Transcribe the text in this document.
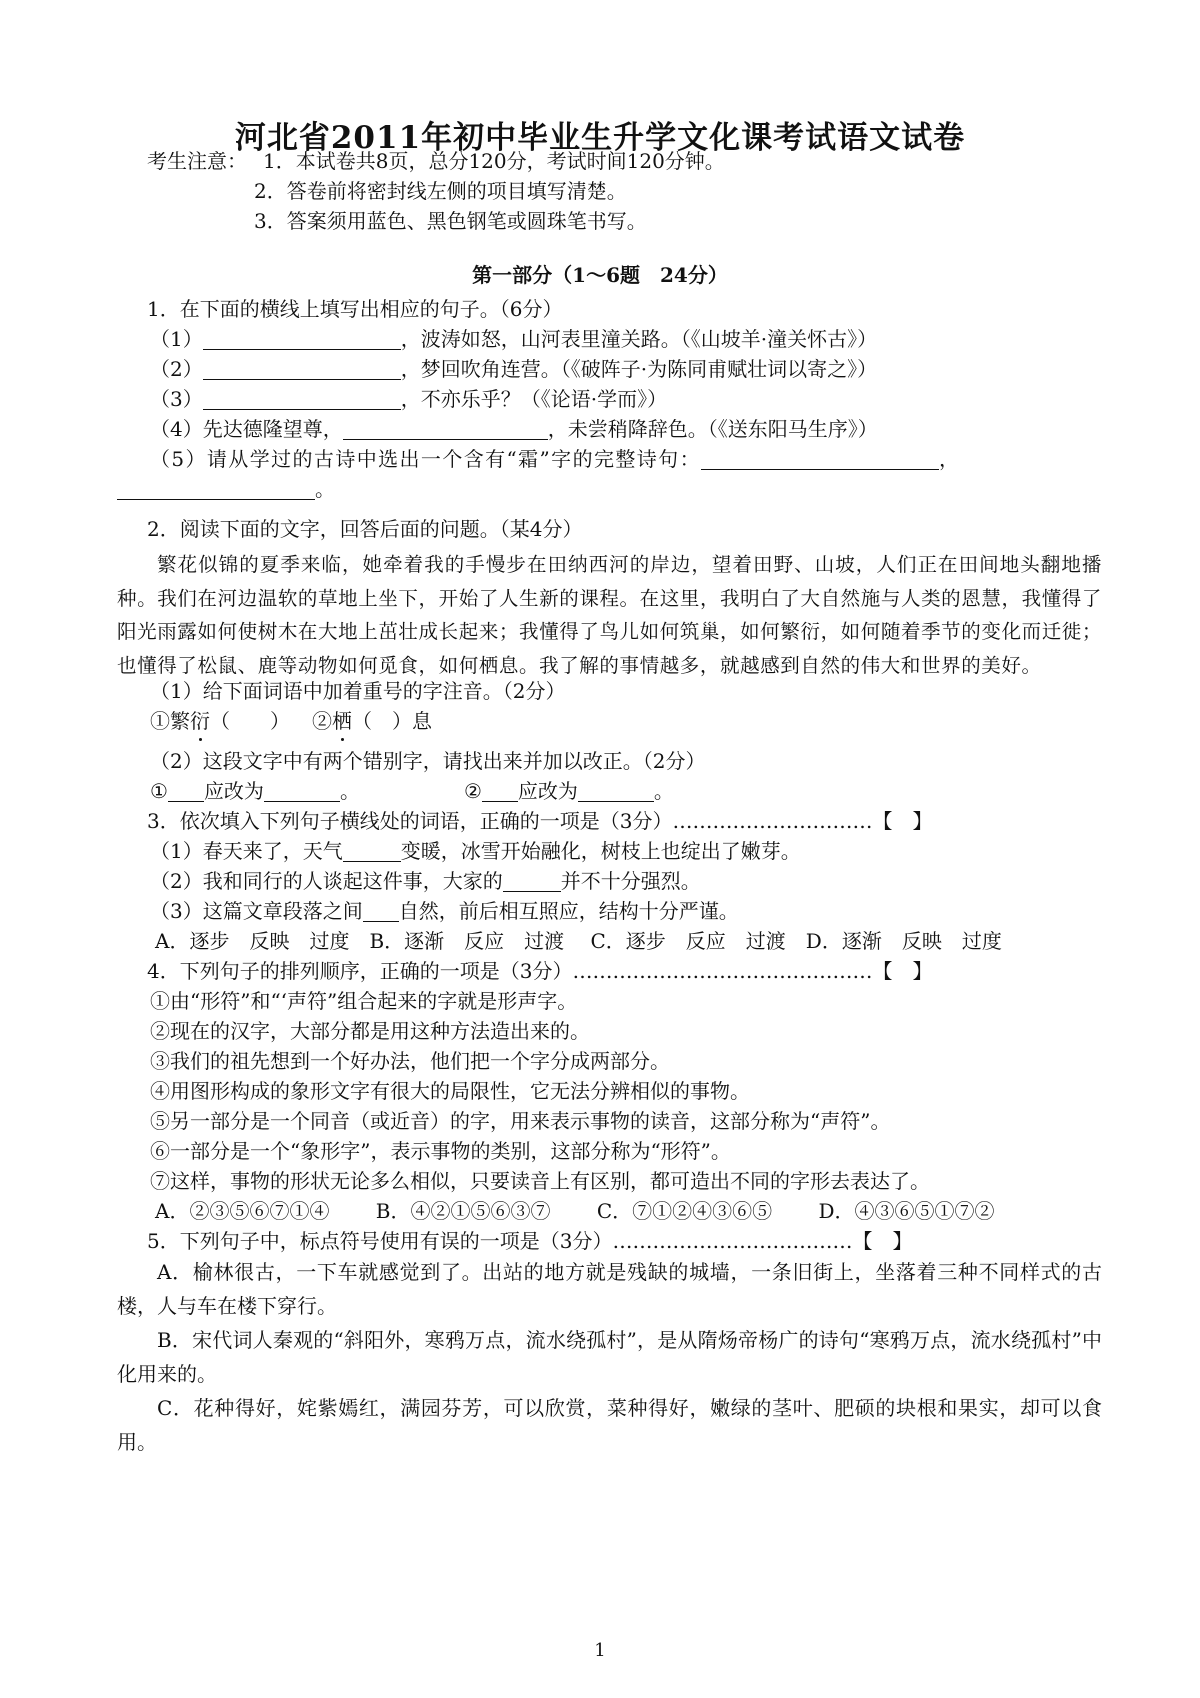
河北省2011年初中毕业生升学文化课考试语文试卷
考生注意： 1．本试卷共8页，总分120分，考试时间120分钟。
2．答卷前将密封线左侧的项目填写清楚。
3．答案须用蓝色、黑色钢笔或圆珠笔书写。
第一部分（1～6题　24分）
1．在下面的横线上填写出相应的句子。（6分）
（1）	，波涛如怒，山河表里潼关路。（《山坡羊·潼关怀古》）
（2）	，梦回吹角连营。（《破阵子·为陈同甫赋壮词以寄之》）
（3）	，不亦乐乎？（《论语·学而》）
（4）先达德隆望尊，	，未尝稍降辞色。（《送东阳马生序》）
（5）请从学过的古诗中选出一个含有“霜”字的完整诗句：	，
。
2．阅读下面的文字，回答后面的问题。（某4分）
繁花似锦的夏季来临，她牵着我的手慢步在田纳西河的岸边，望着田野、山坡，人们正在田间地头翻地播种。我们在河边温软的草地上坐下，开始了人生新的课程。在这里，我明白了大自然施与人类的恩慧，我懂得了阳光雨露如何使树木在大地上茁壮成长起来；我懂得了鸟儿如何筑巢，如何繁衍，如何随着季节的变化而迁徙；也懂得了松鼠、鹿等动物如何觅食，如何栖息。我了解的事情越多，就越感到自然的伟大和世界的美好。
（1）给下面词语中加着重号的字注音。（2分）
①繁衍（　　） ②栖（　）息
（2）这段文字中有两个错别字，请找出来并加以改正。（2分）
① 应改为	。	② 应改为	。
3．依次填入下列句子横线处的词语，正确的一项是（3分）…………………………【　】
（1）春天来了，天气	变暖，冰雪开始融化，树枝上也绽出了嫩芽。
（2）我和同行的人谈起这件事，大家的	并不十分强烈。
（3）这篇文章段落之间 自然，前后相互照应，结构十分严谨。
A．逐步　反映　过度　B．逐渐　反应　过渡　 C．逐步　反应　过渡　D．逐渐　反映　过度
4．下列句子的排列顺序，正确的一项是（3分）………………………………………【　】
①由“形符”和“‘声符”组合起来的字就是形声字。
②现在的汉字，大部分都是用这种方法造出来的。
③我们的祖先想到一个好办法，他们把一个字分成两部分。
④用图形构成的象形文字有很大的局限性，它无法分辨相似的事物。
⑤另一部分是一个同音（或近音）的字，用来表示事物的读音，这部分称为“声符”。
⑥一部分是一个“象形字”，表示事物的类别，这部分称为“形符”。
⑦这样，事物的形状无论多么相似，只要读音上有区别，都可造出不同的字形去表达了。
A．②③⑤⑥⑦①④　　 B．④②①⑤⑥③⑦　　 C．⑦①②④③⑥⑤　　 D．④③⑥⑤①⑦②
5．下列句子中，标点符号使用有误的一项是（3分）………………………………【　】
A．榆林很古，一下车就感觉到了。出站的地方就是残缺的城墙，一条旧街上，坐落着三种不同样式的古楼，人与车在楼下穿行。
B．宋代词人秦观的“斜阳外，寒鸦万点，流水绕孤村”，是从隋炀帝杨广的诗句“寒鸦万点，流水绕孤村”中化用来的。
C．花种得好，姹紫嫣红，满园芬芳，可以欣赏，菜种得好，嫩绿的茎叶、肥硕的块根和果实，却可以食用。
1
